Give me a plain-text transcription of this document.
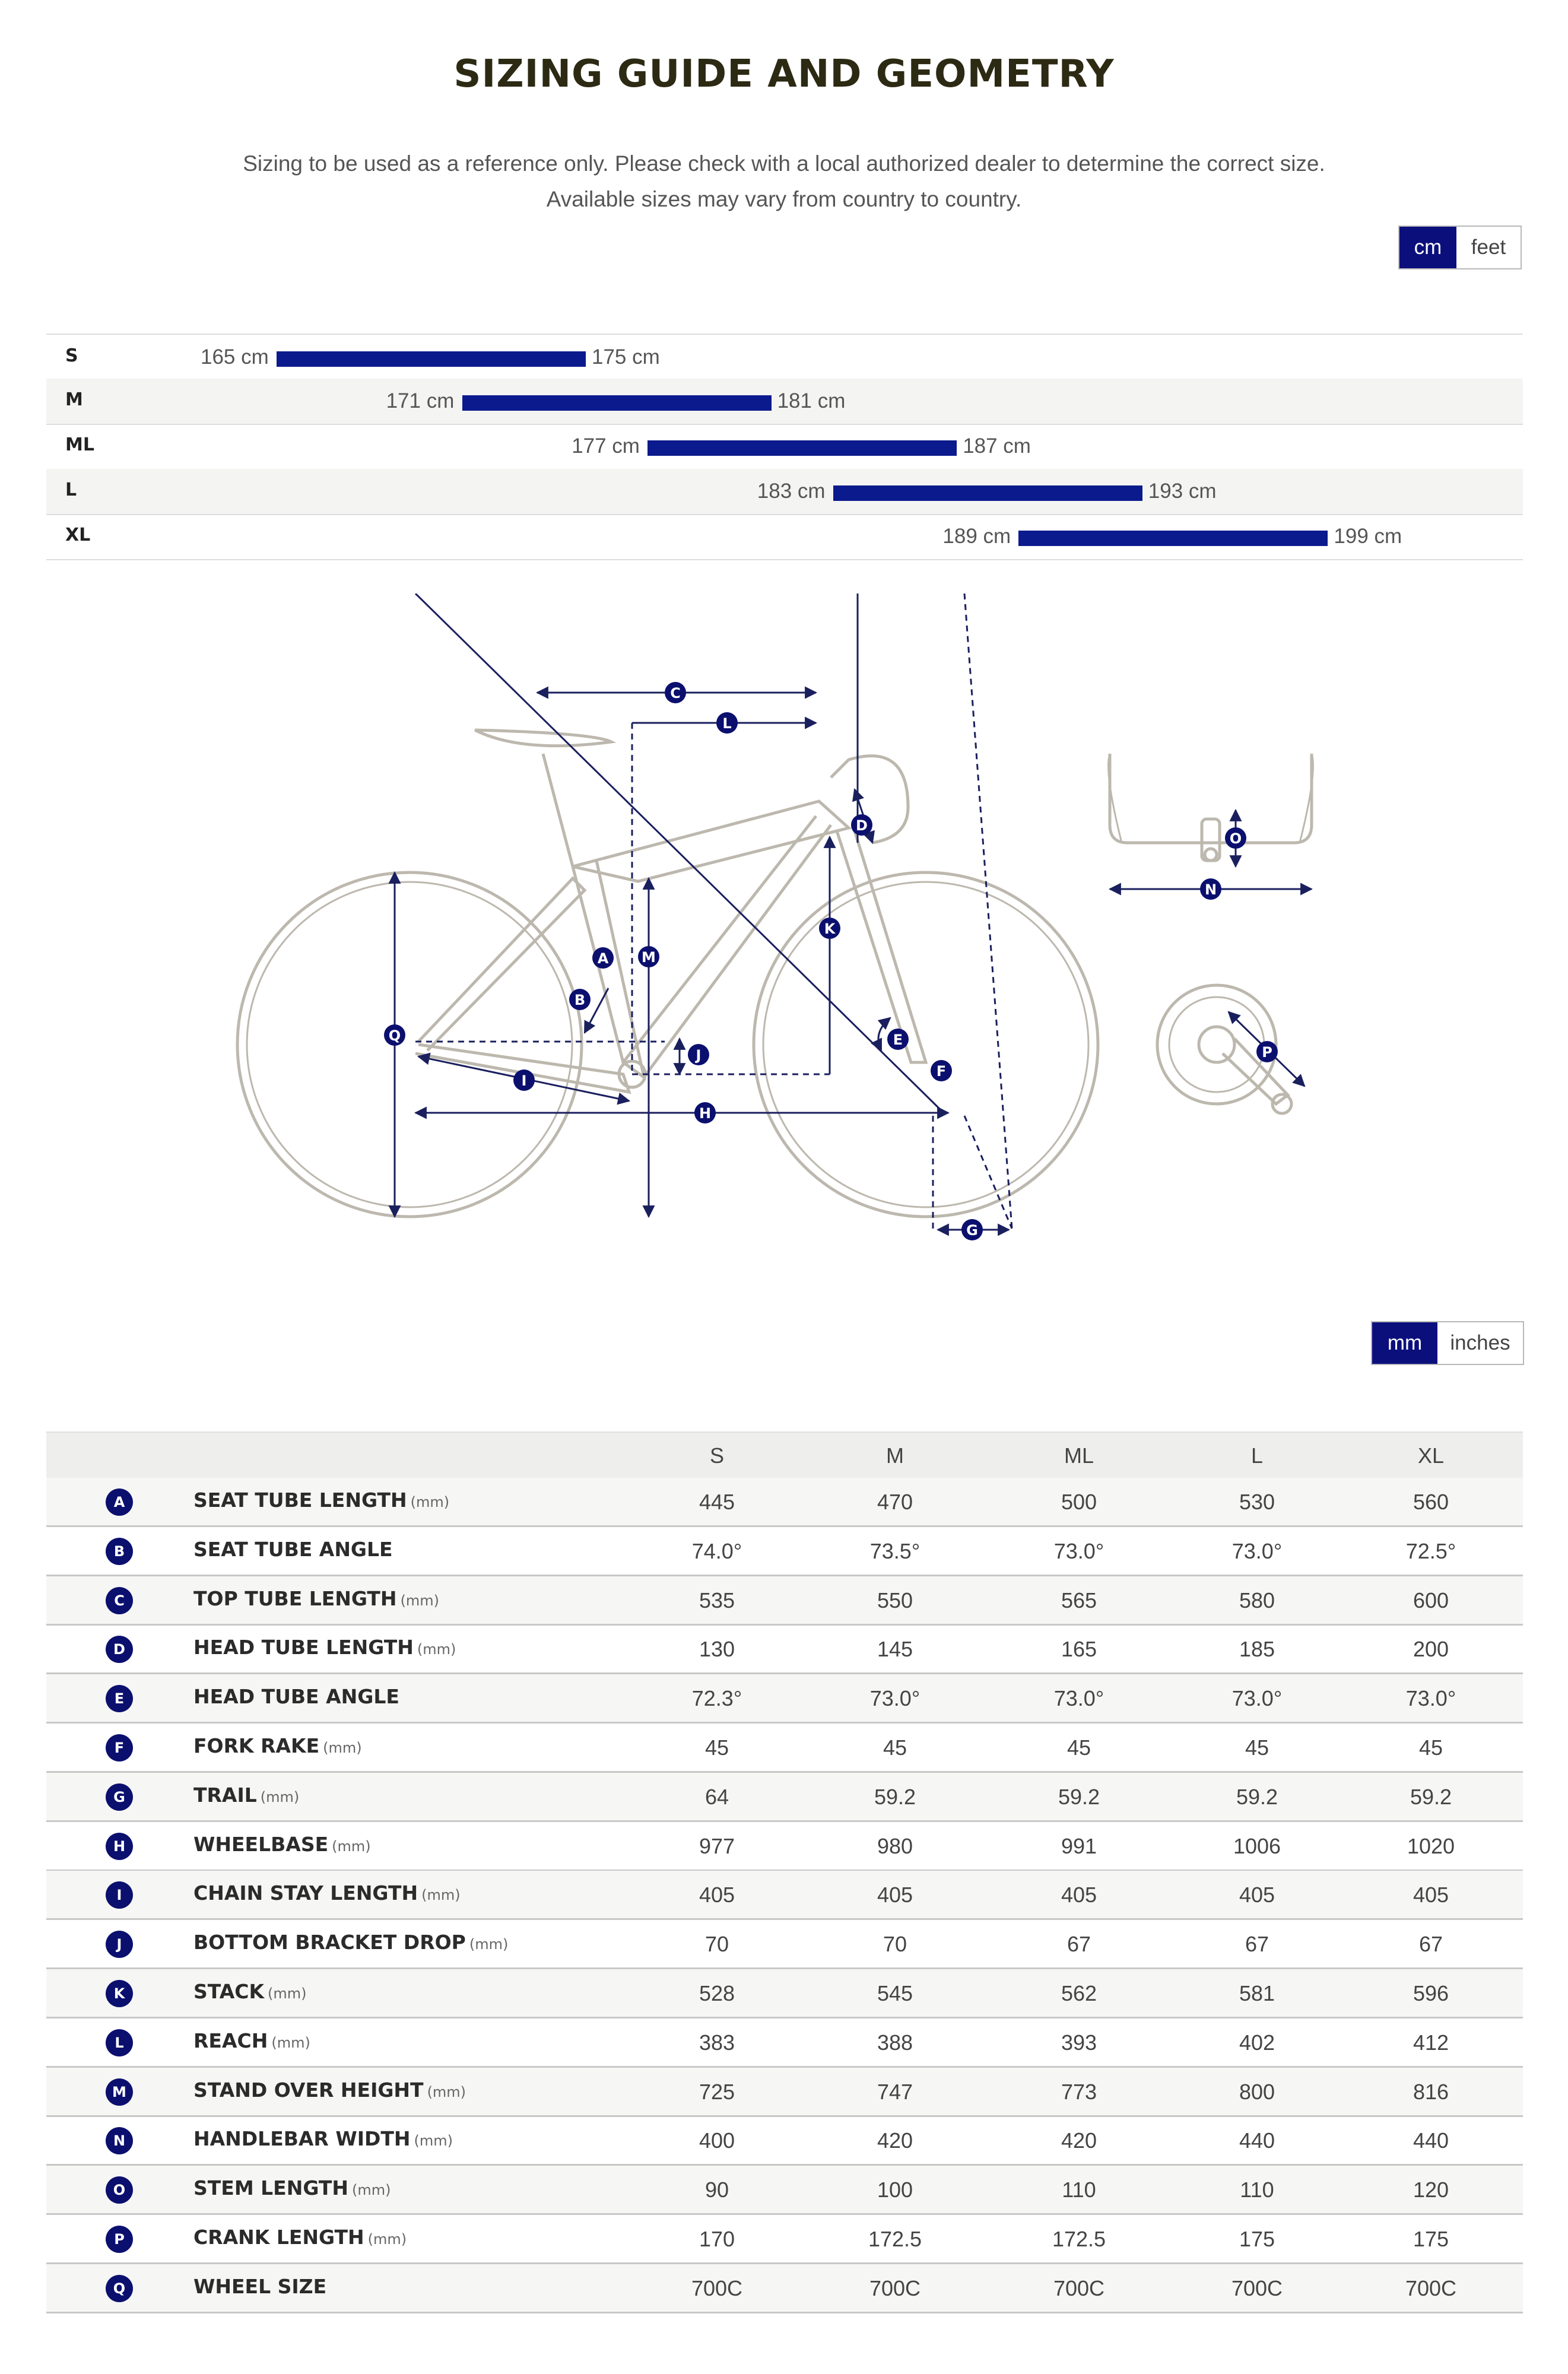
SIZING GUIDE AND GEOMETRY
Sizing to be used as a reference only. Please check with a local authorized dealer to determine the correct size.
Available sizes may vary from country to country.
cm	feet
S	165 cm	175 cm
M	171 cm	181 cm
ML	177 cm	187 cm
L	183 cm	193 cm
XL	189 cm	199 cm
C
L
D
K
A M
B
Q	E
J
F
I
H
G
O
N
P
mm	inches
S	M	ML	L	XL
A	SEAT TUBE LENGTH (mm)	445	470	500	530	560
B	SEAT TUBE ANGLE	74.0°	73.5°	73.0°	73.0°	72.5°
C	TOP TUBE LENGTH (mm)	535	550	565	580	600
D	HEAD TUBE LENGTH (mm)	130	145	165	185	200
E	HEAD TUBE ANGLE	72.3°	73.0°	73.0°	73.0°	73.0°
F	FORK RAKE (mm)	45	45	45	45	45
G	TRAIL (mm)	64	59.2	59.2	59.2	59.2
H	WHEELBASE (mm)	977	980	991	1006	1020
I	CHAIN STAY LENGTH (mm)	405	405	405	405	405
J	BOTTOM BRACKET DROP (mm)	70	70	67	67	67
K	STACK (mm)	528	545	562	581	596
L	REACH (mm)	383	388	393	402	412
M	STAND OVER HEIGHT (mm)	725	747	773	800	816
N	HANDLEBAR WIDTH (mm)	400	420	420	440	440
O	STEM LENGTH (mm)	90	100	110	110	120
P	CRANK LENGTH (mm)	170	172.5	172.5	175	175
Q	WHEEL SIZE	700C	700C	700C	700C	700C
